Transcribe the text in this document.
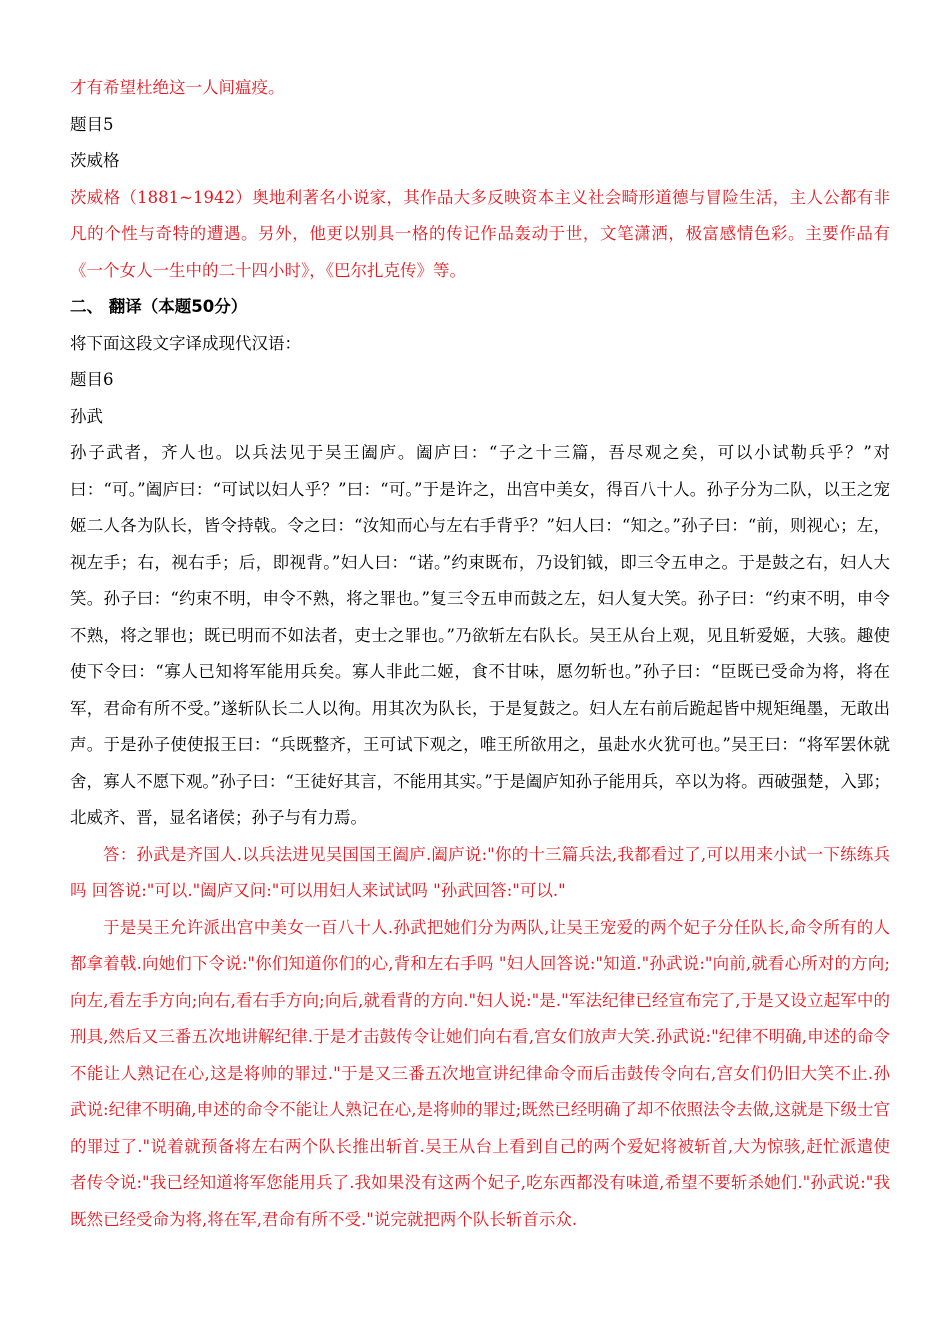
才有希望杜绝这一人间瘟疫。

题目5

茨威格

茨威格（1881~1942）奥地利著名小说家，其作品大多反映资本主义社会畸形道德与冒险生活，主人公都有非凡的个性与奇特的遭遇。另外，他更以别具一格的传记作品轰动于世，文笔潇洒，极富感情色彩。主要作品有《一个女人一生中的二十四小时》，《巴尔扎克传》等。

二、 翻译（本题50分）

将下面这段文字译成现代汉语：

题目6

孙武

孙子武者，齐人也。以兵法见于吴王阖庐。阖庐曰：“子之十三篇，吾尽观之矣，可以小试勒兵乎？”对曰：“可。”阖庐曰：“可试以妇人乎？”曰：“可。”于是许之，出宫中美女，得百八十人。孙子分为二队，以王之宠姬二人各为队长，皆令持戟。令之曰：“汝知而心与左右手背乎？”妇人曰：“知之。”孙子曰：“前，则视心；左，视左手；右，视右手；后，即视背。”妇人曰：“诺。”约束既布，乃设钔钺，即三令五申之。于是鼓之右，妇人大笑。孙子曰：“约束不明，申令不熟，将之罪也。”复三令五申而鼓之左，妇人复大笑。孙子曰：“约束不明，申令不熟，将之罪也；既已明而不如法者，吏士之罪也。”乃欲斩左右队长。吴王从台上观，见且斩爱姬，大骇。趣使使下令曰：“寡人已知将军能用兵矣。寡人非此二姬，食不甘味，愿勿斩也。”孙子曰：“臣既已受命为将，将在军，君命有所不受。”遂斩队长二人以徇。用其次为队长，于是复鼓之。妇人左右前后跪起皆中规矩绳墨，无敢出声。于是孙子使使报王曰：“兵既整齐，王可试下观之，唯王所欲用之，虽赴水火犹可也。”吴王曰：“将军罢休就舍，寡人不愿下观。”孙子曰：“王徒好其言，不能用其实。”于是阖庐知孙子能用兵，卒以为将。西破强楚，入郢；北威齐、晋，显名诸侯；孙子与有力焉。

答：孙武是齐国人.以兵法进见吴国国王阖庐.阖庐说:"你的十三篇兵法,我都看过了,可以用来小试一下练练兵吗 回答说:"可以."阖庐又问:"可以用妇人来试试吗 "孙武回答:"可以."

于是吴王允许派出宫中美女一百八十人.孙武把她们分为两队,让吴王宠爱的两个妃子分任队长,命令所有的人都拿着戟.向她们下令说:"你们知道你们的心,背和左右手吗 "妇人回答说:"知道."孙武说:"向前,就看心所对的方向;向左,看左手方向;向右,看右手方向;向后,就看背的方向."妇人说:"是."军法纪律已经宣布完了,于是又设立起军中的刑具,然后又三番五次地讲解纪律.于是才击鼓传令让她们向右看,宫女们放声大笑.孙武说:"纪律不明确,申述的命令不能让人熟记在心,这是将帅的罪过."于是又三番五次地宣讲纪律命令而后击鼓传令向右,宫女们仍旧大笑不止.孙武说:纪律不明确,申述的命令不能让人熟记在心,是将帅的罪过;既然已经明确了却不依照法令去做,这就是下级士官的罪过了."说着就预备将左右两个队长推出斩首.吴王从台上看到自己的两个爱妃将被斩首,大为惊骇,赶忙派遣使者传令说:"我已经知道将军您能用兵了.我如果没有这两个妃子,吃东西都没有味道,希望不要斩杀她们."孙武说:"我既然已经受命为将,将在军,君命有所不受."说完就把两个队长斩首示众.
